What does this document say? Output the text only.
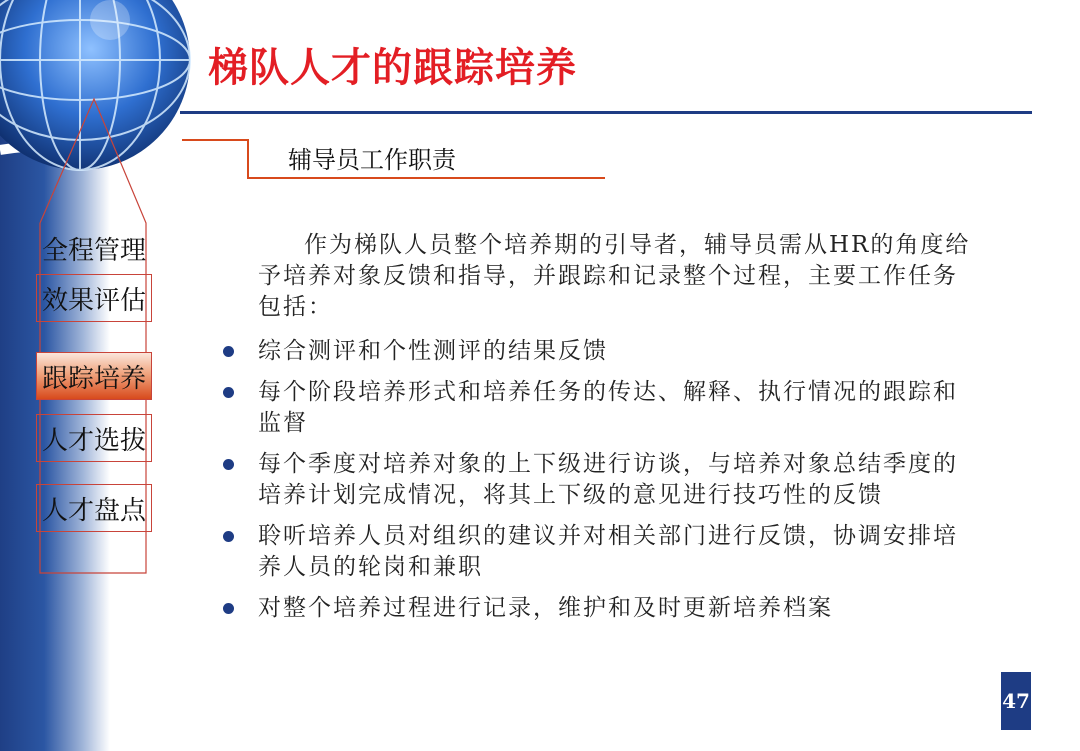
梯队人才的跟踪培养
辅导员工作职责
全程管理
效果评估
跟踪培养
人才选拔
人才盘点

作为梯队人员整个培养期的引导者，辅导员需从HR的角度给予培养对象反馈和指导，并跟踪和记录整个过程，主要工作任务包括：

综合测评和个性测评的结果反馈
每个阶段培养形式和培养任务的传达、解释、执行情况的跟踪和监督
每个季度对培养对象的上下级进行访谈，与培养对象总结季度的培养计划完成情况，将其上下级的意见进行技巧性的反馈
聆听培养人员对组织的建议并对相关部门进行反馈，协调安排培养人员的轮岗和兼职
对整个培养过程进行记录，维护和及时更新培养档案
47
